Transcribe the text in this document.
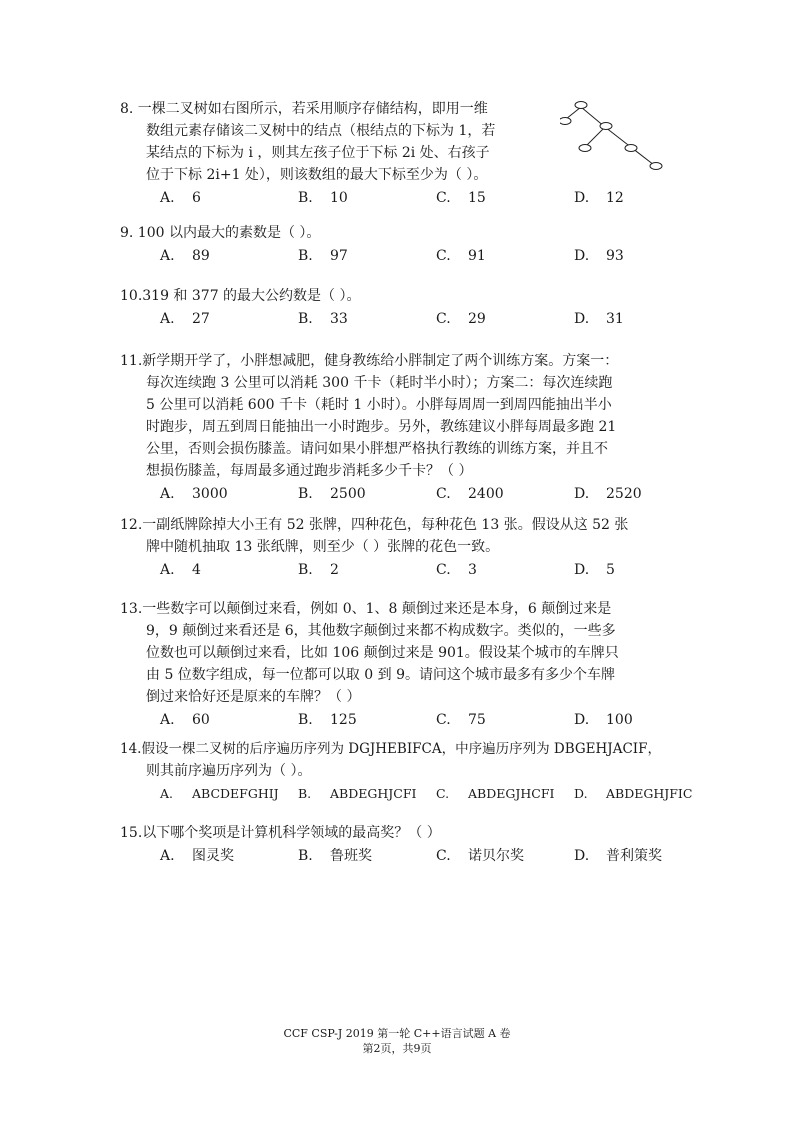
8. 一棵二叉树如右图所示，若采用顺序存储结构，即用一维
数组元素存储该二叉树中的结点（根结点的下标为 1，若
某结点的下标为 i ，则其左孩子位于下标 2i 处、右孩子
位于下标 2i+1 处），则该数组的最大下标至少为（ ）。
A. 6	B. 10	C. 15	D. 12
9. 100 以内最大的素数是（ ）。
A. 89	B. 97	C. 91	D. 93
10.319 和 377 的最大公约数是（ ）。
A. 27	B. 33	C. 29	D. 31
11.新学期开学了，小胖想减肥，健身教练给小胖制定了两个训练方案。方案一：
每次连续跑 3 公里可以消耗 300 千卡（耗时半小时）；方案二：每次连续跑
5 公里可以消耗 600 千卡（耗时 1 小时）。小胖每周周一到周四能抽出半小
时跑步，周五到周日能抽出一小时跑步。另外，教练建议小胖每周最多跑 21
公里，否则会损伤膝盖。请问如果小胖想严格执行教练的训练方案，并且不
想损伤膝盖，每周最多通过跑步消耗多少千卡？（ ）
A. 3000	B. 2500	C. 2400	D. 2520
12.一副纸牌除掉大小王有 52 张牌，四种花色，每种花色 13 张。假设从这 52 张
牌中随机抽取 13 张纸牌，则至少（ ）张牌的花色一致。
A. 4	B. 2	C. 3	D. 5
13.一些数字可以颠倒过来看，例如 0、1、8 颠倒过来还是本身，6 颠倒过来是
9，9 颠倒过来看还是 6，其他数字颠倒过来都不构成数字。类似的，一些多
位数也可以颠倒过来看，比如 106 颠倒过来是 901。假设某个城市的车牌只
由 5 位数字组成，每一位都可以取 0 到 9。请问这个城市最多有多少个车牌
倒过来恰好还是原来的车牌？（ ）
A. 60	B. 125	C. 75	D. 100
14.假设一棵二叉树的后序遍历序列为 DGJHEBIFCA，中序遍历序列为 DBGEHJACIF，
则其前序遍历序列为（ ）。
A. ABCDEFGHIJ B. ABDEGHJCFI C. ABDEGJHCFI D. ABDEGHJFIC
15.以下哪个奖项是计算机科学领域的最高奖？（ ）
A. 图灵奖	B. 鲁班奖	C. 诺贝尔奖	D. 普利策奖
CCF CSP-J 2019 第一轮 C++语言试题 A 卷
第2页，共9页
